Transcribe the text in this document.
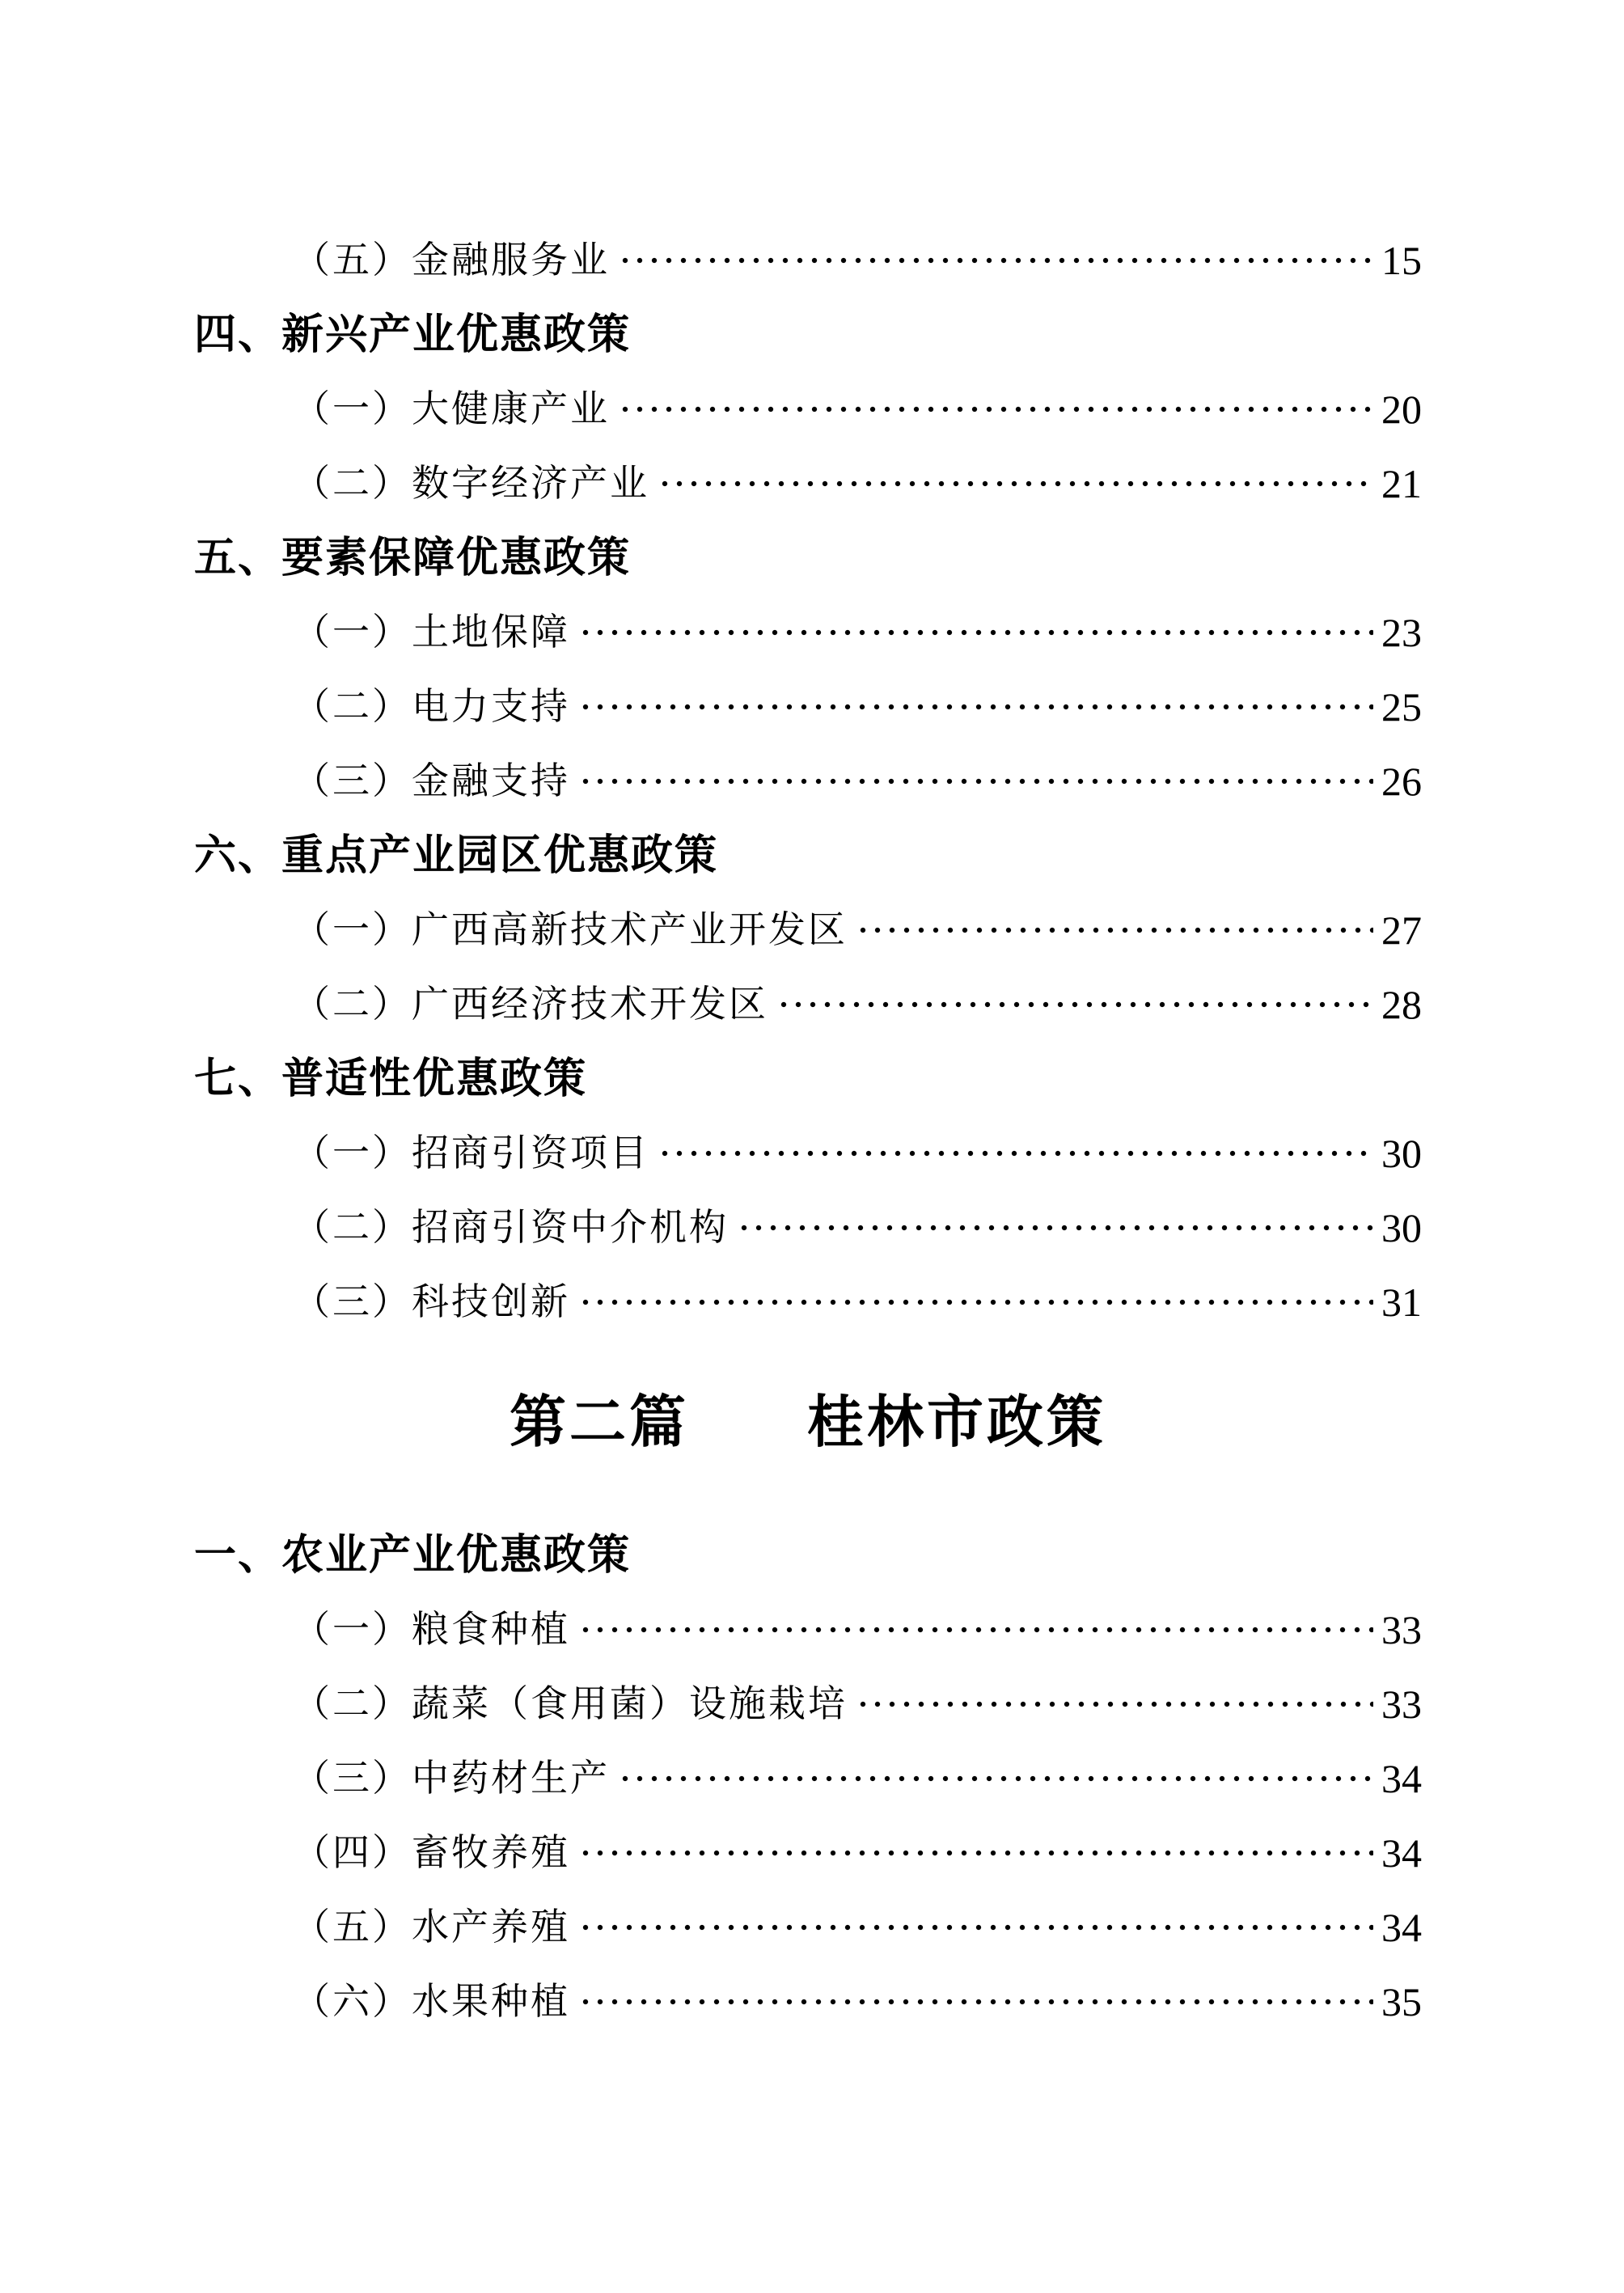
（五）金融服务业	15
四、新兴产业优惠政策
（一）大健康产业	20
（二）数字经济产业	21
五、要素保障优惠政策
（一）土地保障	23
（二）电力支持	25
（三）金融支持	26
六、重点产业园区优惠政策
（一）广西高新技术产业开发区	27
（二）广西经济技术开发区	28
七、普适性优惠政策
（一）招商引资项目	30
（二）招商引资中介机构	30
（三）科技创新	31
第二篇 桂林市政策
一、农业产业优惠政策
（一）粮食种植	33
（二）蔬菜（食用菌）设施栽培	33
（三）中药材生产	34
（四）畜牧养殖	34
（五）水产养殖	34
（六）水果种植	35
